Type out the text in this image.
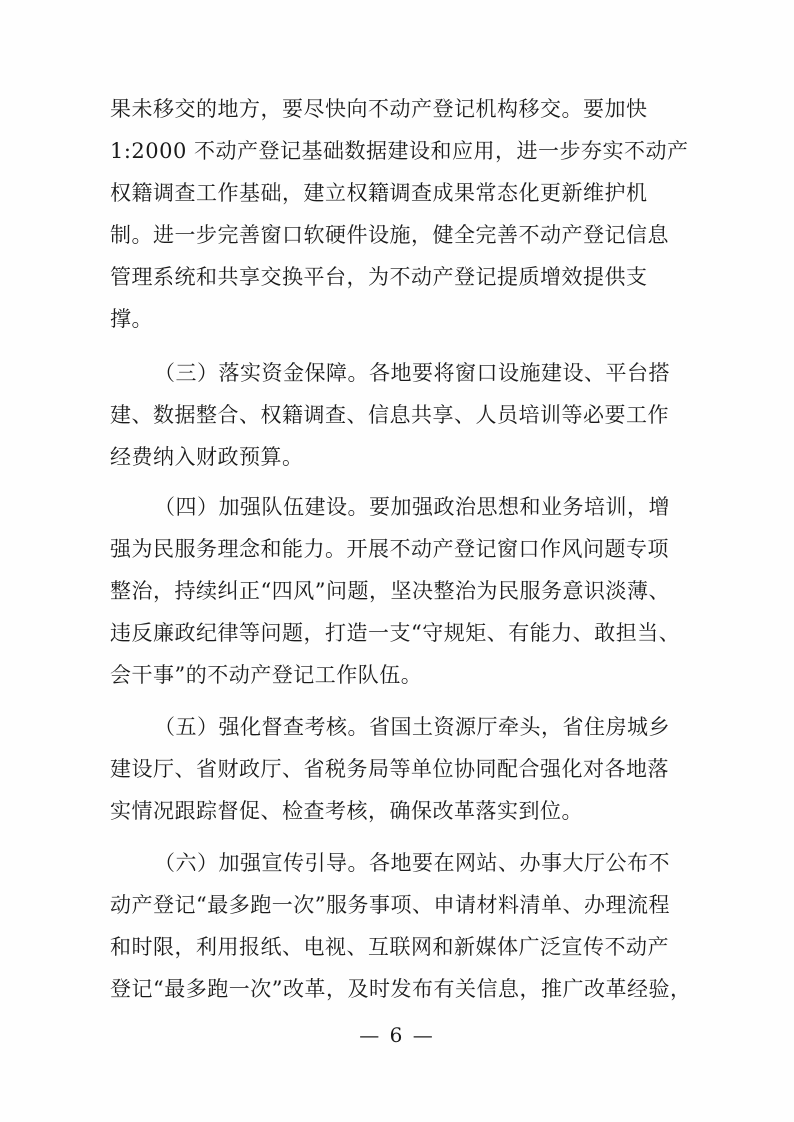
果未移交的地方，要尽快向不动产登记机构移交。要加快
1:2000 不动产登记基础数据建设和应用，进一步夯实不动产
权籍调查工作基础，建立权籍调查成果常态化更新维护机
制。进一步完善窗口软硬件设施，健全完善不动产登记信息
管理系统和共享交换平台，为不动产登记提质增效提供支
撑。
（三）落实资金保障。各地要将窗口设施建设、平台搭
建、数据整合、权籍调查、信息共享、人员培训等必要工作
经费纳入财政预算。
（四）加强队伍建设。要加强政治思想和业务培训，增
强为民服务理念和能力。开展不动产登记窗口作风问题专项
整治，持续纠正“四风”问题，坚决整治为民服务意识淡薄、
违反廉政纪律等问题，打造一支“守规矩、有能力、敢担当、
会干事”的不动产登记工作队伍。
（五）强化督查考核。省国土资源厅牵头，省住房城乡
建设厅、省财政厅、省税务局等单位协同配合强化对各地落
实情况跟踪督促、检查考核，确保改革落实到位。
（六）加强宣传引导。各地要在网站、办事大厅公布不
动产登记“最多跑一次”服务事项、申请材料清单、办理流程
和时限，利用报纸、电视、互联网和新媒体广泛宣传不动产
登记“最多跑一次”改革，及时发布有关信息，推广改革经验，
— 6 —
